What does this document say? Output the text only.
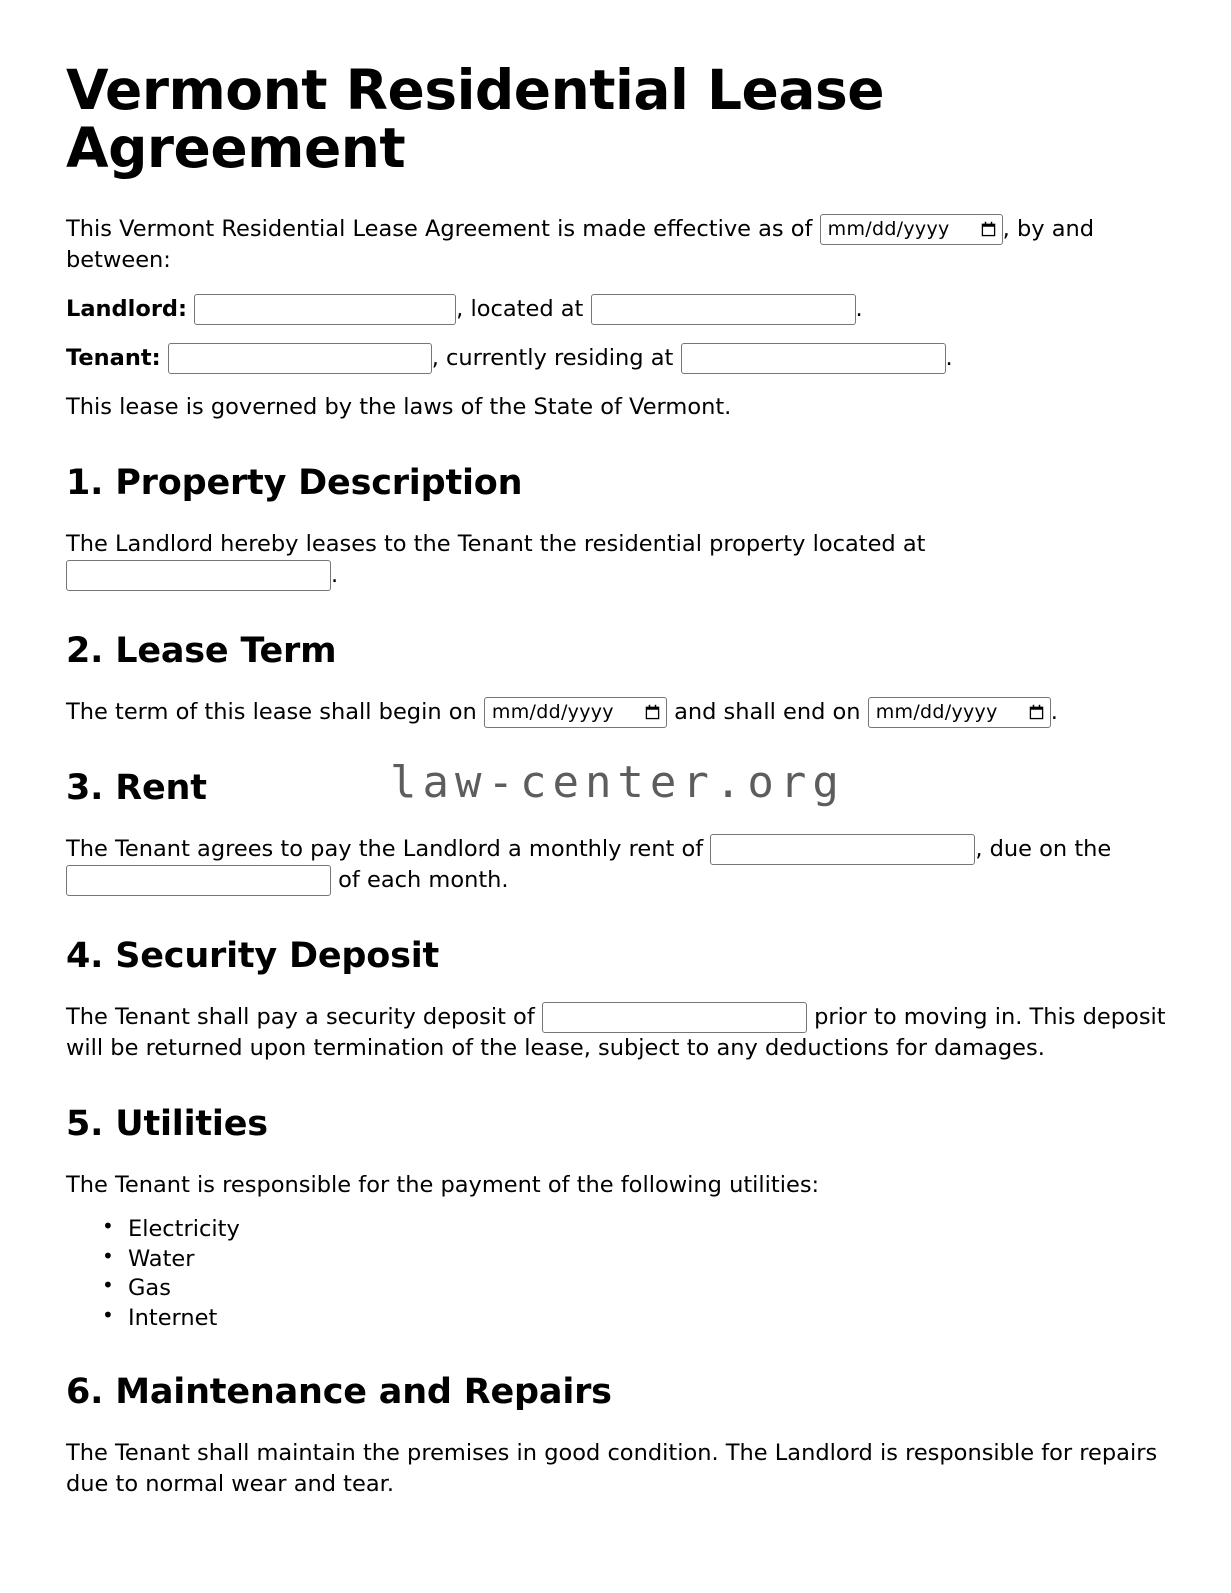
law-center.org
Vermont Residential Lease Agreement

This Vermont Residential Lease Agreement is made effective as of mm/dd/yyyy , by and between:

Landlord:	, located at	.

Tenant:	, currently residing at	.

This lease is governed by the laws of the State of Vermont.

1. Property Description

The Landlord hereby leases to the Tenant the residential property located at .

2. Lease Term

The term of this lease shall begin on mm/dd/yyyy	and shall end on mm/dd/yyyy .

3. Rent

The Tenant agrees to pay the Landlord a monthly rent of	, due on the  of each month.

4. Security Deposit

The Tenant shall pay a security deposit of	prior to moving in. This deposit will be returned upon termination of the lease, subject to any deductions for damages.

5. Utilities

The Tenant is responsible for the payment of the following utilities:

• Electricity
• Water
• Gas
• Internet
6. Maintenance and Repairs

The Tenant shall maintain the premises in good condition. The Landlord is responsible for repairs due to normal wear and tear.
